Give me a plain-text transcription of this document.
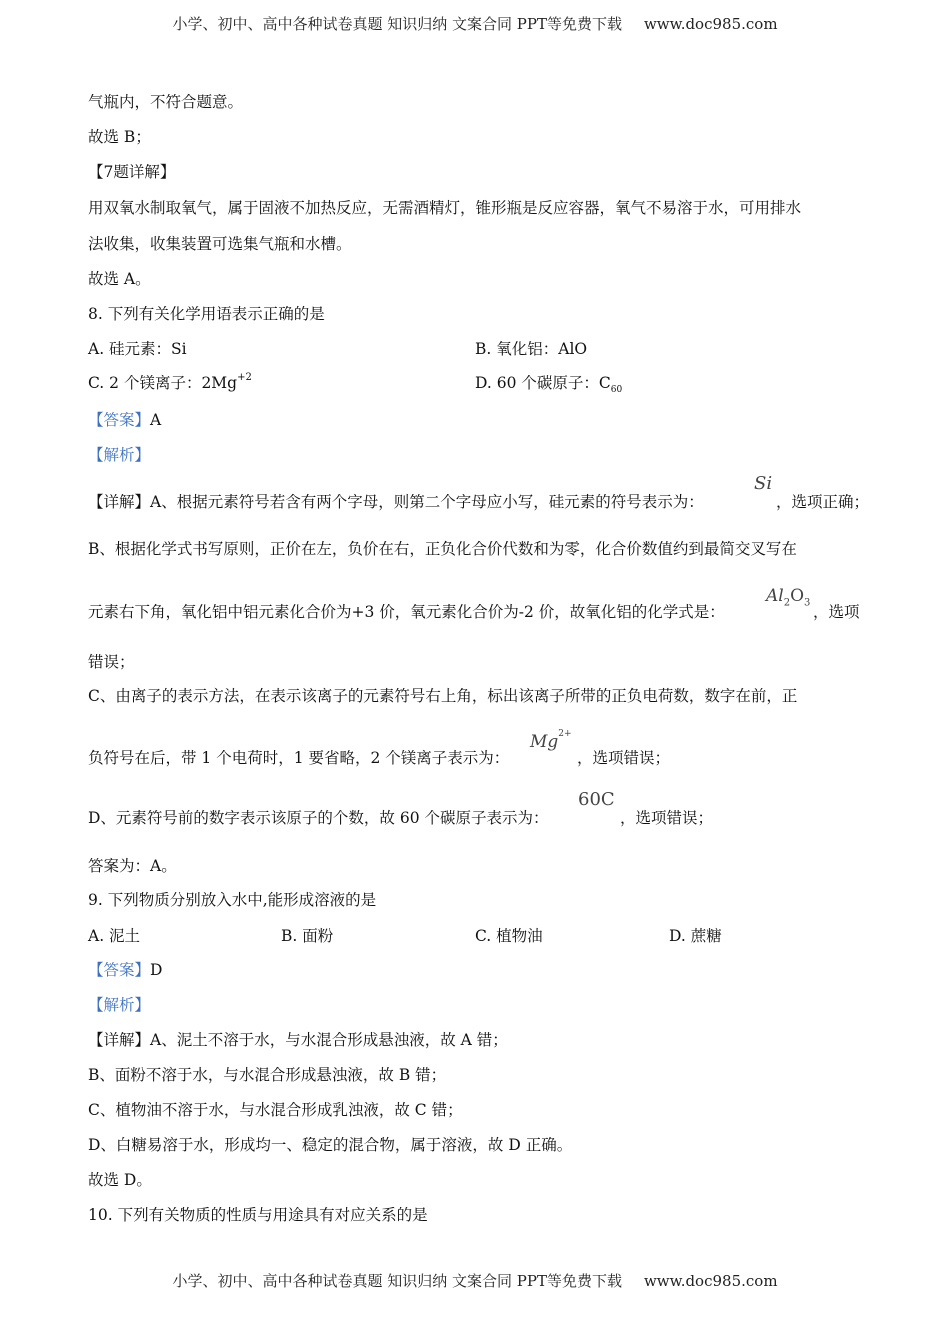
小学、初中、高中各种试卷真题 知识归纳 文案合同 PPT等免费下载 www.doc985.com
气瓶内，不符合题意。
故选 B；
【7题详解】
用双氧水制取氧气，属于固液不加热反应，无需酒精灯，锥形瓶是反应容器，氧气不易溶于水，可用排水
法收集，收集装置可选集气瓶和水槽。
故选 A。
8. 下列有关化学用语表示正确的是
A. 硅元素：Si	B. 氧化铝：AlO
C. 2 个镁离子：$2Mg^{+2}$	D. 60 个碳原子：$C_{60}$
【答案】A
【解析】
【详解】A、根据元素符号若含有两个字母，则第二个字母应小写，硅元素的符号表示为：
Si
，选项正确；
B、根据化学式书写原则，正价在左，负价在右，正负化合价代数和为零，化合价数值约到最简交叉写在
元素右下角，氧化铝中铝元素化合价为+3 价，氧元素化合价为-2 价，故氧化铝的化学式是：
$Al_2O_3$
，选项
错误；
C、由离子的表示方法，在表示该离子的元素符号右上角，标出该离子所带的正负电荷数，数字在前，正
负符号在后，带 1 个电荷时，1 要省略，2 个镁离子表示为：
$Mg^{2+}$
，选项错误；
D、元素符号前的数字表示该原子的个数，故 60 个碳原子表示为：
60C
，选项错误；
答案为：A。
9. 下列物质分别放入水中,能形成溶液的是
A. 泥土	B. 面粉	C. 植物油	D. 蔗糖
【答案】D
【解析】
【详解】A、泥土不溶于水，与水混合形成悬浊液，故 A 错；
B、面粉不溶于水，与水混合形成悬浊液，故 B 错；
C、植物油不溶于水，与水混合形成乳浊液，故 C 错；
D、白糖易溶于水，形成均一、稳定的混合物，属于溶液，故 D 正确。
故选 D。
10. 下列有关物质的性质与用途具有对应关系的是
小学、初中、高中各种试卷真题 知识归纳 文案合同 PPT等免费下载 www.doc985.com
